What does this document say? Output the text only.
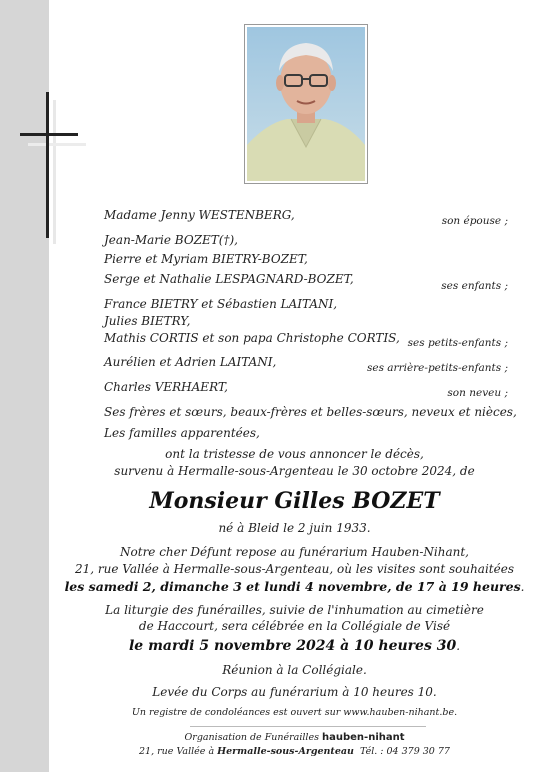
Madame Jenny WESTENBERG,	son épouse ;
Jean-Marie BOZET(†),
Pierre et Myriam BIETRY-BOZET,
Serge et Nathalie LESPAGNARD-BOZET,	ses enfants ;
France BIETRY et Sébastien LAITANI,
Julies BIETRY,
Mathis CORTIS et son papa Christophe CORTIS, ses petits-enfants ;
Aurélien et Adrien LAITANI,	ses arrière-petits-enfants ;
Charles VERHAERT,	son neveu ;
Ses frères et sœurs, beaux-frères et belles-sœurs, neveux et nièces,
Les familles apparentées,
ont la tristesse de vous annoncer le décès,
survenu à Hermalle-sous-Argenteau le 30 octobre 2024, de
Monsieur Gilles BOZET
né à Bleid le 2 juin 1933.
Notre cher Défunt repose au funérarium Hauben-Nihant,
21, rue Vallée à Hermalle-sous-Argenteau, où les visites sont souhaitées
les samedi 2, dimanche 3 et lundi 4 novembre, de 17 à 19 heures.
La liturgie des funérailles, suivie de l'inhumation au cimetière
de Haccourt, sera célébrée en la Collégiale de Visé
le mardi 5 novembre 2024 à 10 heures 30.
Réunion à la Collégiale.
Levée du Corps au funérarium à 10 heures 10.
Un registre de condoléances est ouvert sur www.hauben-nihant.be.
Organisation de Funérailles hauben-nihant
21, rue Vallée à Hermalle-sous-Argenteau Tél. : 04 379 30 77
